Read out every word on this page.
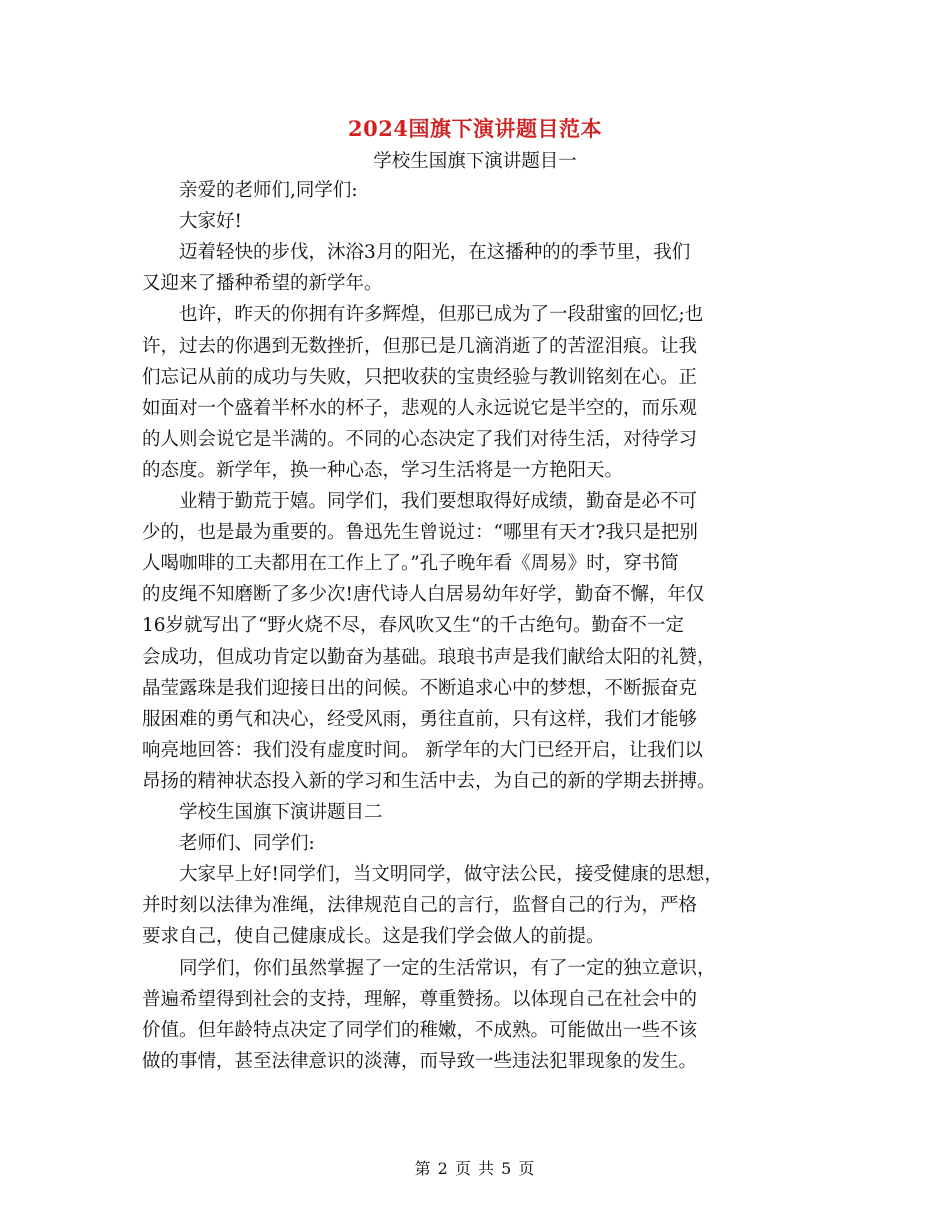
2024国旗下演讲题目范本
学校生国旗下演讲题目一
　　亲爱的老师们,同学们:
　　大家好!
　　迈着轻快的步伐，沐浴3月的阳光，在这播种的的季节里，我们
又迎来了播种希望的新学年。
　　也许，昨天的你拥有许多辉煌，但那已成为了一段甜蜜的回忆;也
许，过去的你遇到无数挫折，但那已是几滴消逝了的苦涩泪痕。让我
们忘记从前的成功与失败，只把收获的宝贵经验与教训铭刻在心。正
如面对一个盛着半杯水的杯子，悲观的人永远说它是半空的，而乐观
的人则会说它是半满的。不同的心态决定了我们对待生活，对待学习
的态度。新学年，换一种心态，学习生活将是一方艳阳天。
　　业精于勤荒于嬉。同学们，我们要想取得好成绩，勤奋是必不可
少的，也是最为重要的。鲁迅先生曾说过：“哪里有天才?我只是把别
人喝咖啡的工夫都用在工作上了。”孔子晚年看《周易》时，穿书简
的皮绳不知磨断了多少次!唐代诗人白居易幼年好学，勤奋不懈，年仅
16岁就写出了“野火烧不尽，春风吹又生“的千古绝句。勤奋不一定
会成功，但成功肯定以勤奋为基础。琅琅书声是我们献给太阳的礼赞，
晶莹露珠是我们迎接日出的问候。不断追求心中的梦想，不断振奋克
服困难的勇气和决心，经受风雨，勇往直前，只有这样，我们才能够
响亮地回答：我们没有虚度时间。 新学年的大门已经开启，让我们以
昂扬的精神状态投入新的学习和生活中去，为自己的新的学期去拼搏。
　　学校生国旗下演讲题目二
　　老师们、同学们:
　　大家早上好!同学们，当文明同学，做守法公民，接受健康的思想，
并时刻以法律为准绳，法律规范自己的言行，监督自己的行为，严格
要求自己，使自己健康成长。这是我们学会做人的前提。
　　同学们，你们虽然掌握了一定的生活常识，有了一定的独立意识，
普遍希望得到社会的支持，理解，尊重赞扬。以体现自己在社会中的
价值。但年龄特点决定了同学们的稚嫩，不成熟。可能做出一些不该
做的事情，甚至法律意识的淡薄，而导致一些违法犯罪现象的发生。
第 2 页 共 5 页
